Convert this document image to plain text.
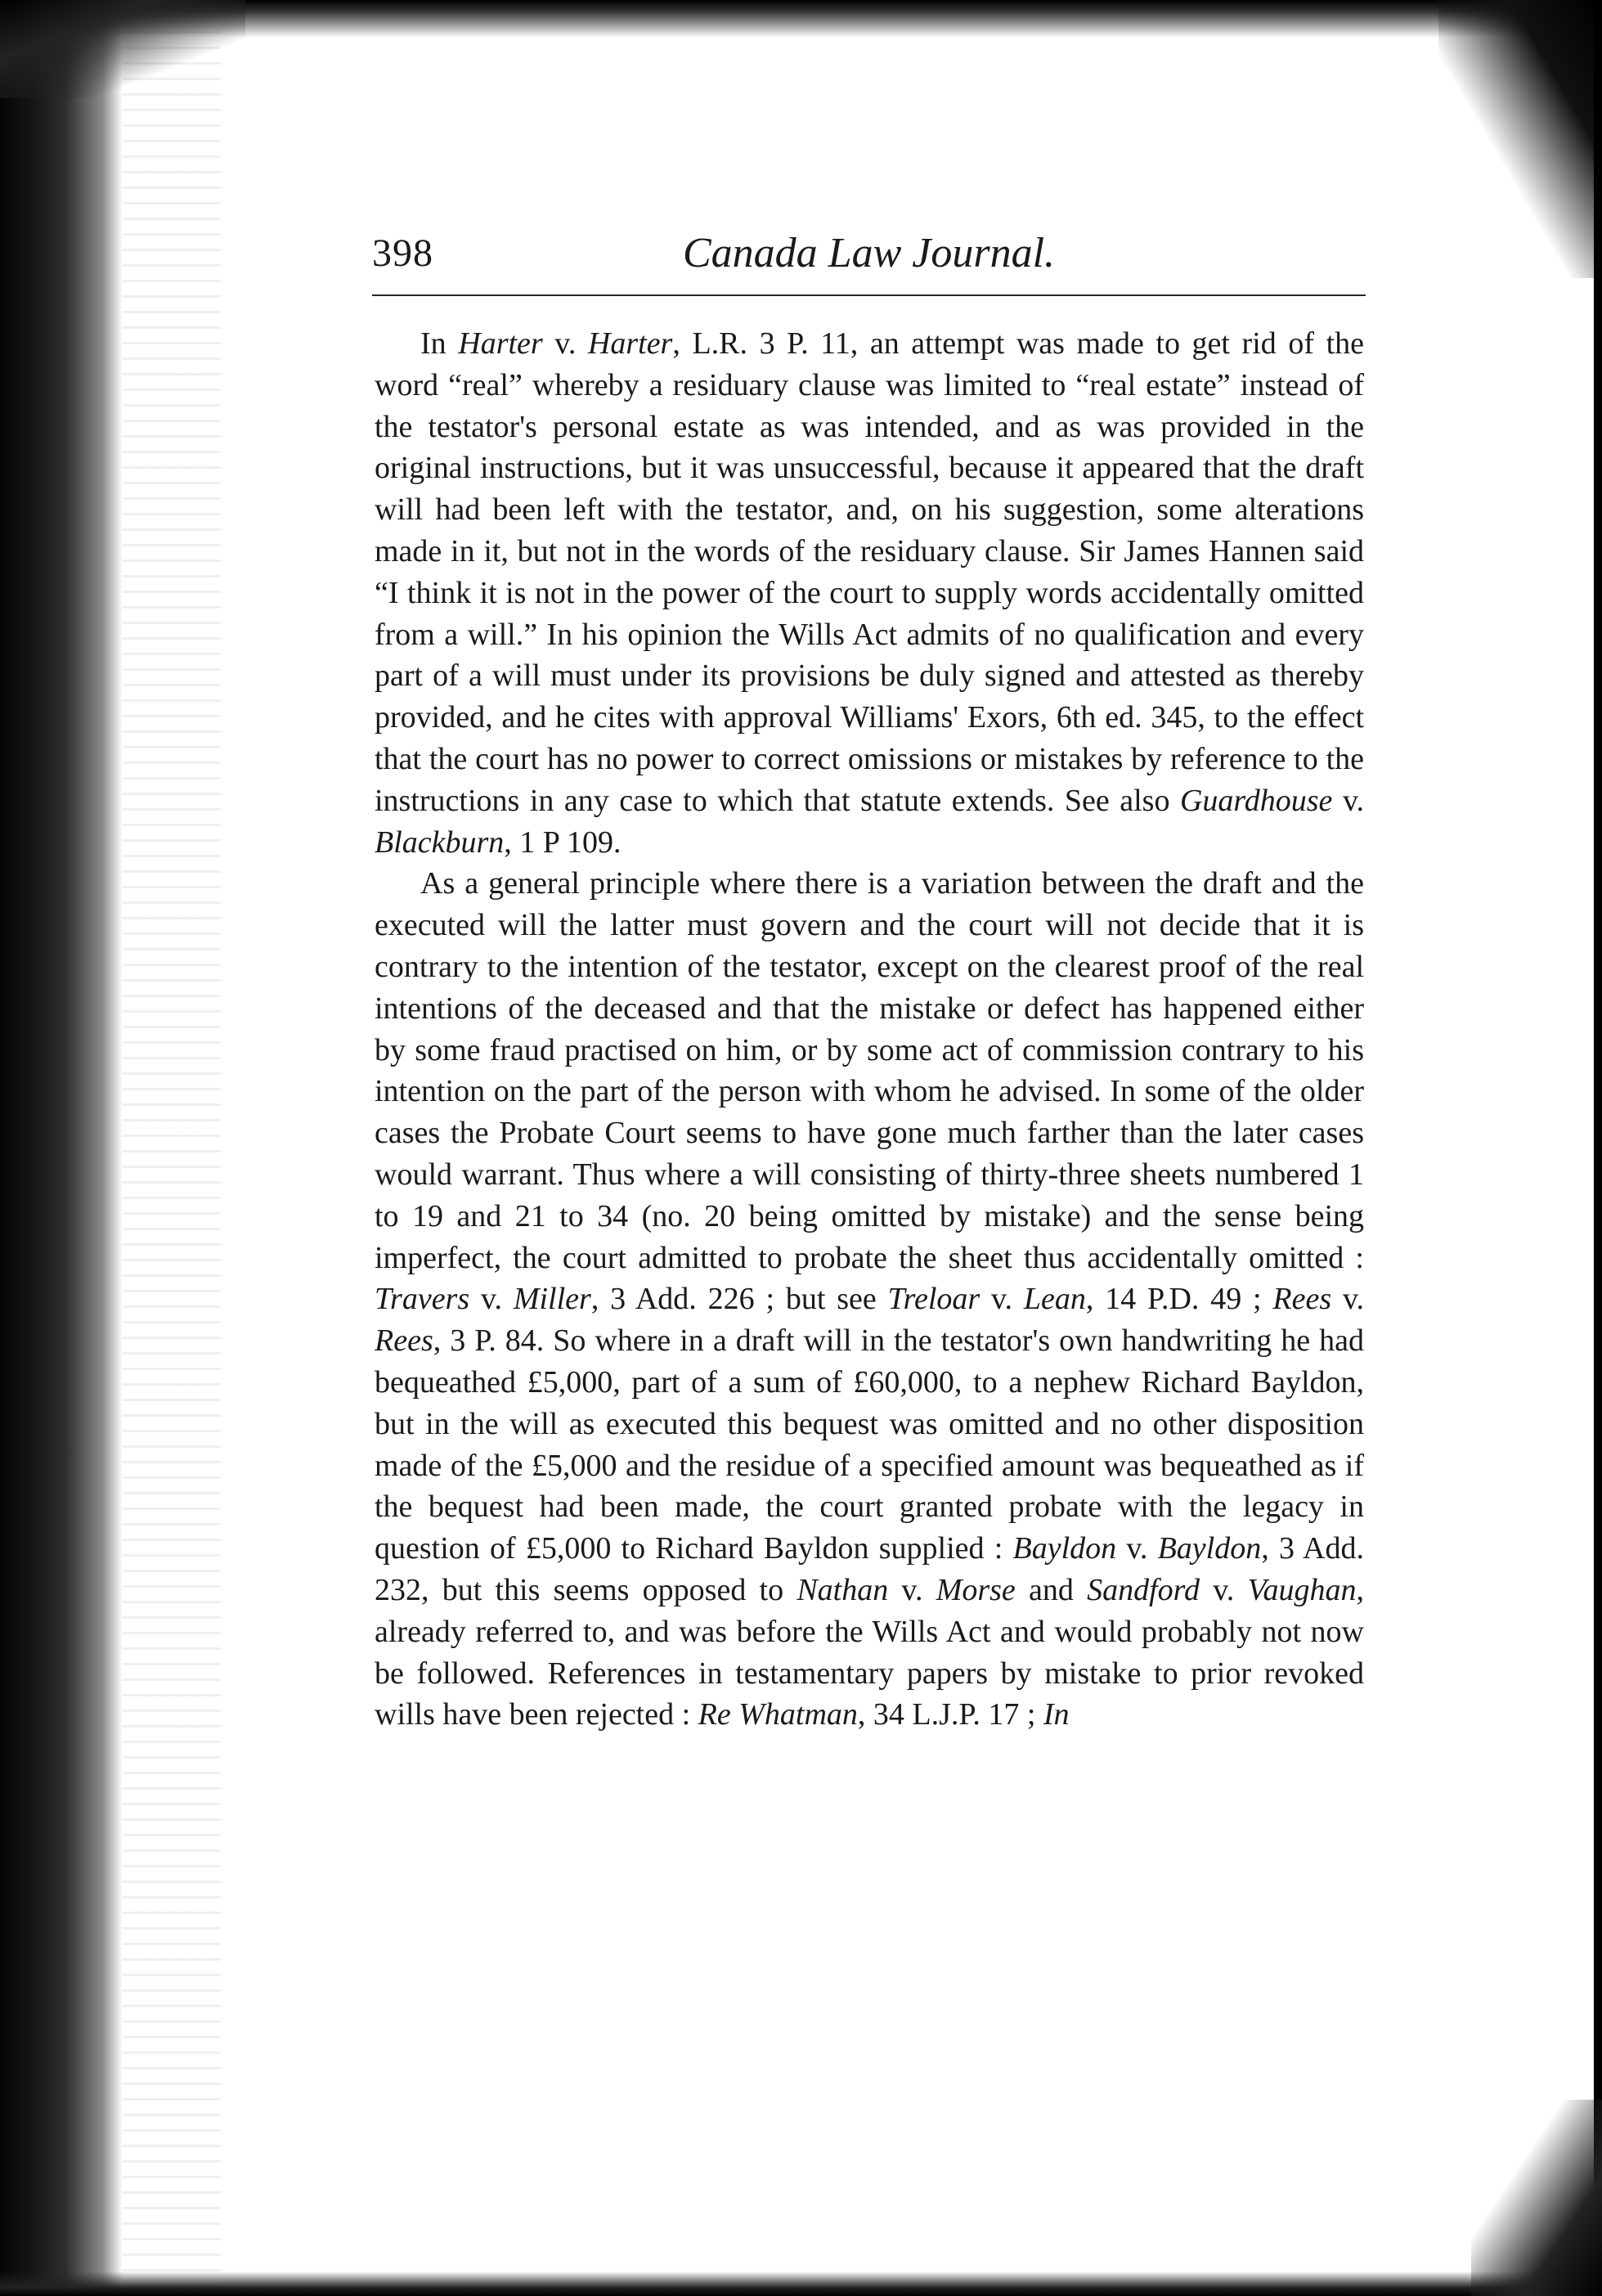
398	Canada Law Journal.

In Harter v. Harter, L.R. 3 P. 11, an attempt was made to get rid of the word “real” whereby a residuary clause was limited to “real estate” instead of the testator's personal estate as was intended, and as was provided in the original instructions, but it was unsuccessful, because it appeared that the draft will had been left with the testator, and, on his suggestion, some alterations made in it, but not in the words of the residuary clause. Sir James Hannen said “I think it is not in the power of the court to supply words accidentally omitted from a will.” In his opinion the Wills Act admits of no qualification and every part of a will must under its provisions be duly signed and attested as thereby provided, and he cites with approval Williams' Exors, 6th ed. 345, to the effect that the court has no power to correct omissions or mistakes by reference to the instructions in any case to which that statute extends. See also Guardhouse v. Blackburn, 1 P 109.

As a general principle where there is a variation between the draft and the executed will the latter must govern and the court will not decide that it is contrary to the intention of the testator, except on the clearest proof of the real intentions of the deceased and that the mistake or defect has happened either by some fraud practised on him, or by some act of commission contrary to his intention on the part of the person with whom he advised. In some of the older cases the Probate Court seems to have gone much farther than the later cases would warrant. Thus where a will consisting of thirty-three sheets numbered 1 to 19 and 21 to 34 (no. 20 being omitted by mistake) and the sense being imperfect, the court admitted to probate the sheet thus accidentally omitted : Travers v. Miller, 3 Add. 226 ; but see Treloar v. Lean, 14 P.D. 49 ; Rees v. Rees, 3 P. 84. So where in a draft will in the testator's own handwriting he had bequeathed £5,000, part of a sum of £60,000, to a nephew Richard Bayldon, but in the will as executed this bequest was omitted and no other disposition made of the £5,000 and the residue of a specified amount was bequeathed as if the bequest had been made, the court granted probate with the legacy in question of £5,000 to Richard Bayldon supplied : Bayldon v. Bayldon, 3 Add. 232, but this seems opposed to Nathan v. Morse and Sandford v. Vaughan, already referred to, and was before the Wills Act and would probably not now be followed. References in testamentary papers by mistake to prior revoked wills have been rejected : Re Whatman, 34 L.J.P. 17 ; In
